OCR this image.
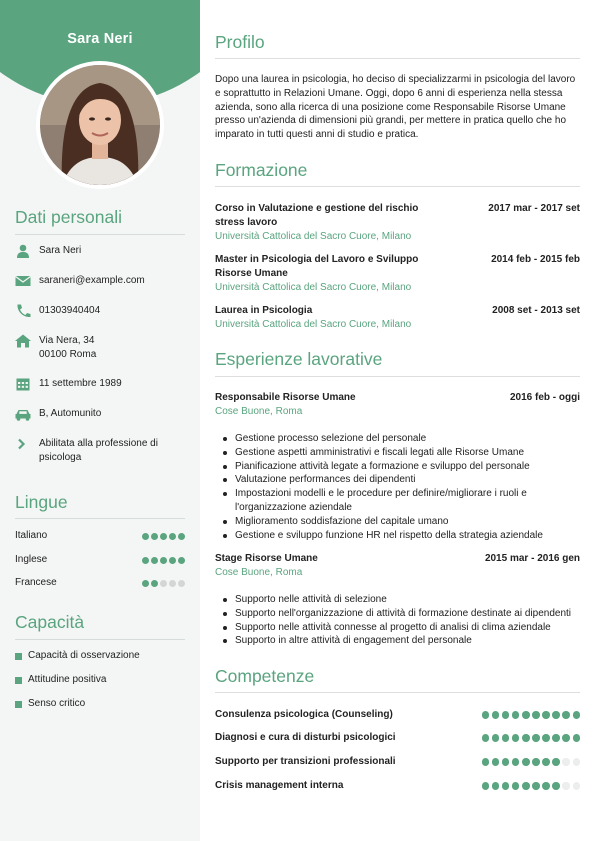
Sara Neri
Dati personali
Sara Neri
saraneri@example.com
01303940404
Via Nera, 34
00100 Roma
11 settembre 1989
B, Automunito
Abilitata alla professione di
psicologa
Lingue
Italiano
Inglese
Francese
Capacità
Capacità di osservazione
Attitudine positiva
Senso critico
Profilo
Dopo una laurea in psicologia, ho deciso di specializzarmi in psicologia del lavoro e soprattutto in Relazioni Umane. Oggi, dopo 6 anni di esperienza nella stessa azienda, sono alla ricerca di una posizione come Responsabile Risorse Umane presso un'azienda di dimensioni più grandi, per mettere in pratica quello che ho imparato in tutti questi anni di studio e pratica.
Formazione
Corso in Valutazione e gestione del rischio stress lavoro
2017 mar - 2017 set
Università Cattolica del Sacro Cuore, Milano
Master in Psicologia del Lavoro e Sviluppo Risorse Umane
2014 feb - 2015 feb
Università Cattolica del Sacro Cuore, Milano
Laurea in Psicologia	2008 set - 2013 set
Università Cattolica del Sacro Cuore, Milano
Esperienze lavorative
Responsabile Risorse Umane	2016 feb - oggi
Cose Buone, Roma
Gestione processo selezione del personale
Gestione aspetti amministrativi e fiscali legati alle Risorse Umane
Pianificazione attività legate a formazione e sviluppo del personale
Valutazione performances dei dipendenti
Impostazioni modelli e le procedure per definire/migliorare i ruoli e l'organizzazione aziendale
Miglioramento soddisfazione del capitale umano
Gestione e sviluppo funzione HR nel rispetto della strategia aziendale
Stage Risorse Umane	2015 mar - 2016 gen
Cose Buone, Roma
Supporto nelle attività di selezione
Supporto nell'organizzazione di attività di formazione destinate ai dipendenti
Supporto nelle attività connesse al progetto di analisi di clima aziendale
Supporto in altre attività di engagement del personale
Competenze
Consulenza psicologica (Counseling)
Diagnosi e cura di disturbi psicologici
Supporto per transizioni professionali
Crisis management interna
